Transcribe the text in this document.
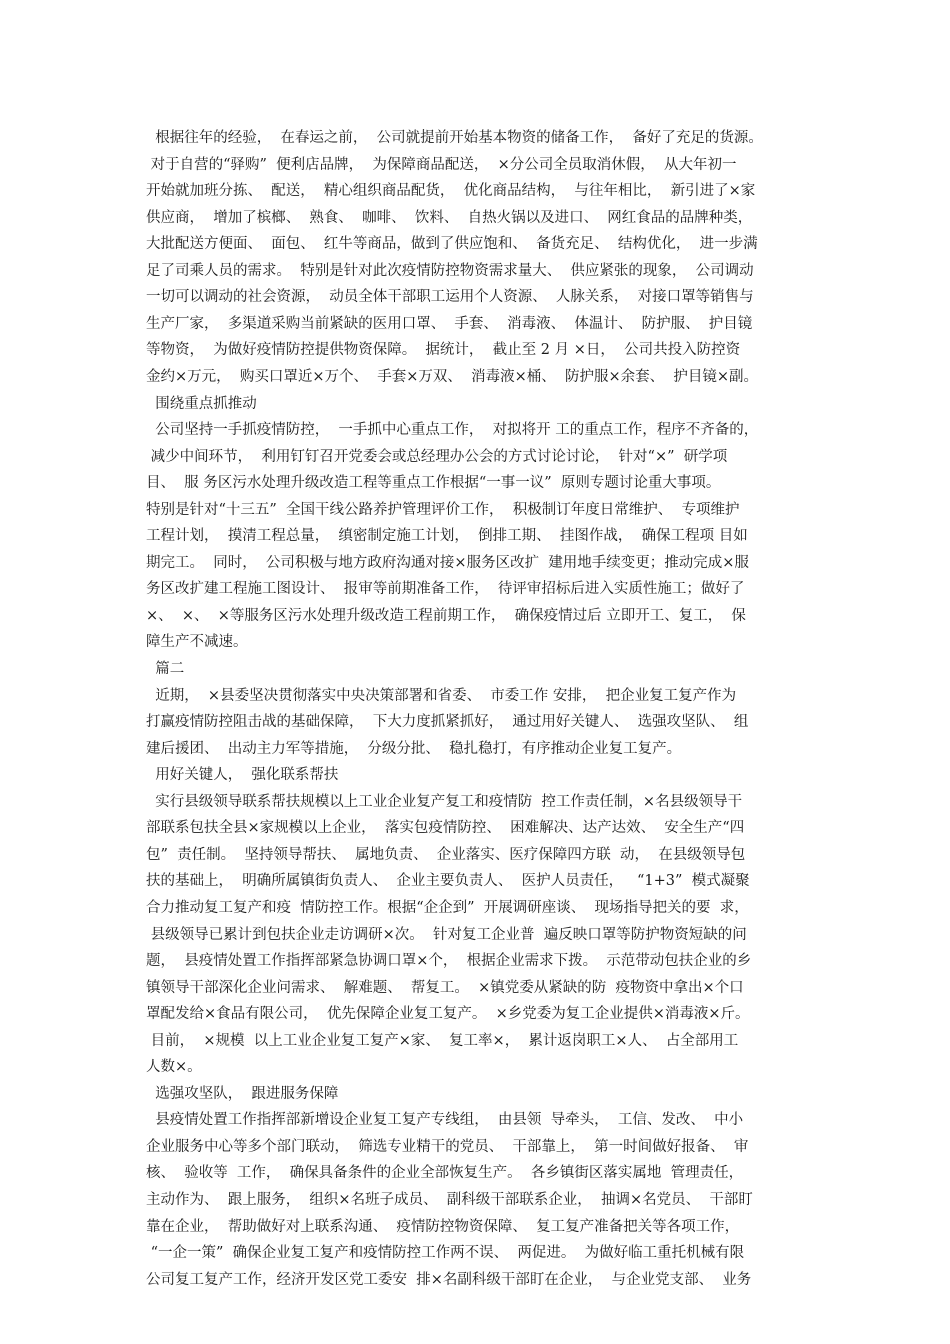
根据往年的经验，  在春运之前，  公司就提前开始基本物资的储备工作，  备好了充足的货源。
对于自营的“驿购”  便利店品牌，  为保障商品配送，  ×分公司全员取消休假，  从大年初一
开始就加班分拣、  配送，  精心组织商品配货，  优化商品结构，  与往年相比，  新引进了×家
供应商，  增加了槟榔、  熟食、  咖啡、  饮料、  自热火锅以及进口、  网红食品的品牌种类，
大批配送方便面、  面包、  红牛等商品，做到了供应饱和、  备货充足、  结构优化，  进一步满
足了司乘人员的需求。  特别是针对此次疫情防控物资需求量大、  供应紧张的现象，  公司调动
一切可以调动的社会资源，  动员全体干部职工运用个人资源、  人脉关系，  对接口罩等销售与
生产厂家，  多渠道采购当前紧缺的医用口罩、  手套、  消毒液、  体温计、  防护服、  护目镜
等物资，  为做好疫情防控提供物资保障。  据统计，  截止至 2 月 ×日，  公司共投入防控资
金约×万元，  购买口罩近×万个、  手套×万双、  消毒液×桶、  防护服×余套、  护目镜×副。
围绕重点抓推动
公司坚持一手抓疫情防控，  一手抓中心重点工作，  对拟将开 工的重点工作，程序不齐备的，
减少中间环节，  利用钉钉召开党委会或总经理办公会的方式讨论讨论，  针对“×”  研学项
目、  服 务区污水处理升级改造工程等重点工作根据“一事一议”  原则专题讨论重大事项。
特别是针对“十三五”  全国干线公路养护管理评价工作，  积极制订年度日常维护、  专项维护
工程计划，  摸清工程总量，  缜密制定施工计划，  倒排工期、  挂图作战，  确保工程项 目如
期完工。  同时，  公司积极与地方政府沟通对接×服务区改扩  建用地手续变更；推动完成×服
务区改扩建工程施工图设计、  报审等前期准备工作，  待评审招标后进入实质性施工；做好了
×、  ×、  ×等服务区污水处理升级改造工程前期工作，  确保疫情过后 立即开工、复工，  保
障生产不减速。
篇二
近期，  ×县委坚决贯彻落实中央决策部署和省委、  市委工作 安排，  把企业复工复产作为
打赢疫情防控阻击战的基础保障，  下大力度抓紧抓好，  通过用好关键人、  选强攻坚队、  组
建后援团、  出动主力军等措施，  分级分批、  稳扎稳打，有序推动企业复工复产。
用好关键人，  强化联系帮扶
实行县级领导联系帮扶规模以上工业企业复产复工和疫情防  控工作责任制，×名县级领导干
部联系包扶全县×家规模以上企业，  落实包疫情防控、  困难解决、达产达效、  安全生产“四
包”  责任制。  坚持领导帮扶、  属地负责、  企业落实、医疗保障四方联  动，  在县级领导包
扶的基础上，  明确所属镇街负责人、  企业主要负责人、  医护人员责任，   “1+3”  模式凝聚
合力推动复工复产和疫  情防控工作。根据“企企到”  开展调研座谈、  现场指导把关的要  求，
县级领导已累计到包扶企业走访调研×次。  针对复工企业普  遍反映口罩等防护物资短缺的问
题，  县疫情处置工作指挥部紧急协调口罩×个，  根据企业需求下拨。  示范带动包扶企业的乡
镇领导干部深化企业问需求、  解难题、  帮复工。  ×镇党委从紧缺的防  疫物资中拿出×个口
罩配发给×食品有限公司，  优先保障企业复工复产。  ×乡党委为复工企业提供×消毒液×斤。
目前，  ×规模  以上工业企业复工复产×家、  复工率×，  累计返岗职工×人、  占全部用工
人数×。
选强攻坚队，  跟进服务保障
县疫情处置工作指挥部新增设企业复工复产专线组，  由县领  导牵头，  工信、发改、  中小
企业服务中心等多个部门联动，  筛选专业精干的党员、  干部靠上，  第一时间做好报备、  审
核、  验收等  工作，  确保具备条件的企业全部恢复生产。  各乡镇街区落实属地  管理责任，
主动作为、  跟上服务，  组织×名班子成员、  副科级干部联系企业，  抽调×名党员、  干部盯
靠在企业，  帮助做好对上联系沟通、  疫情防控物资保障、  复工复产准备把关等各项工作，
“一企一策”  确保企业复工复产和疫情防控工作两不误、  两促进。  为做好临工重托机械有限
公司复工复产工作，经济开发区党工委安  排×名副科级干部盯在企业，  与企业党支部、  业务
